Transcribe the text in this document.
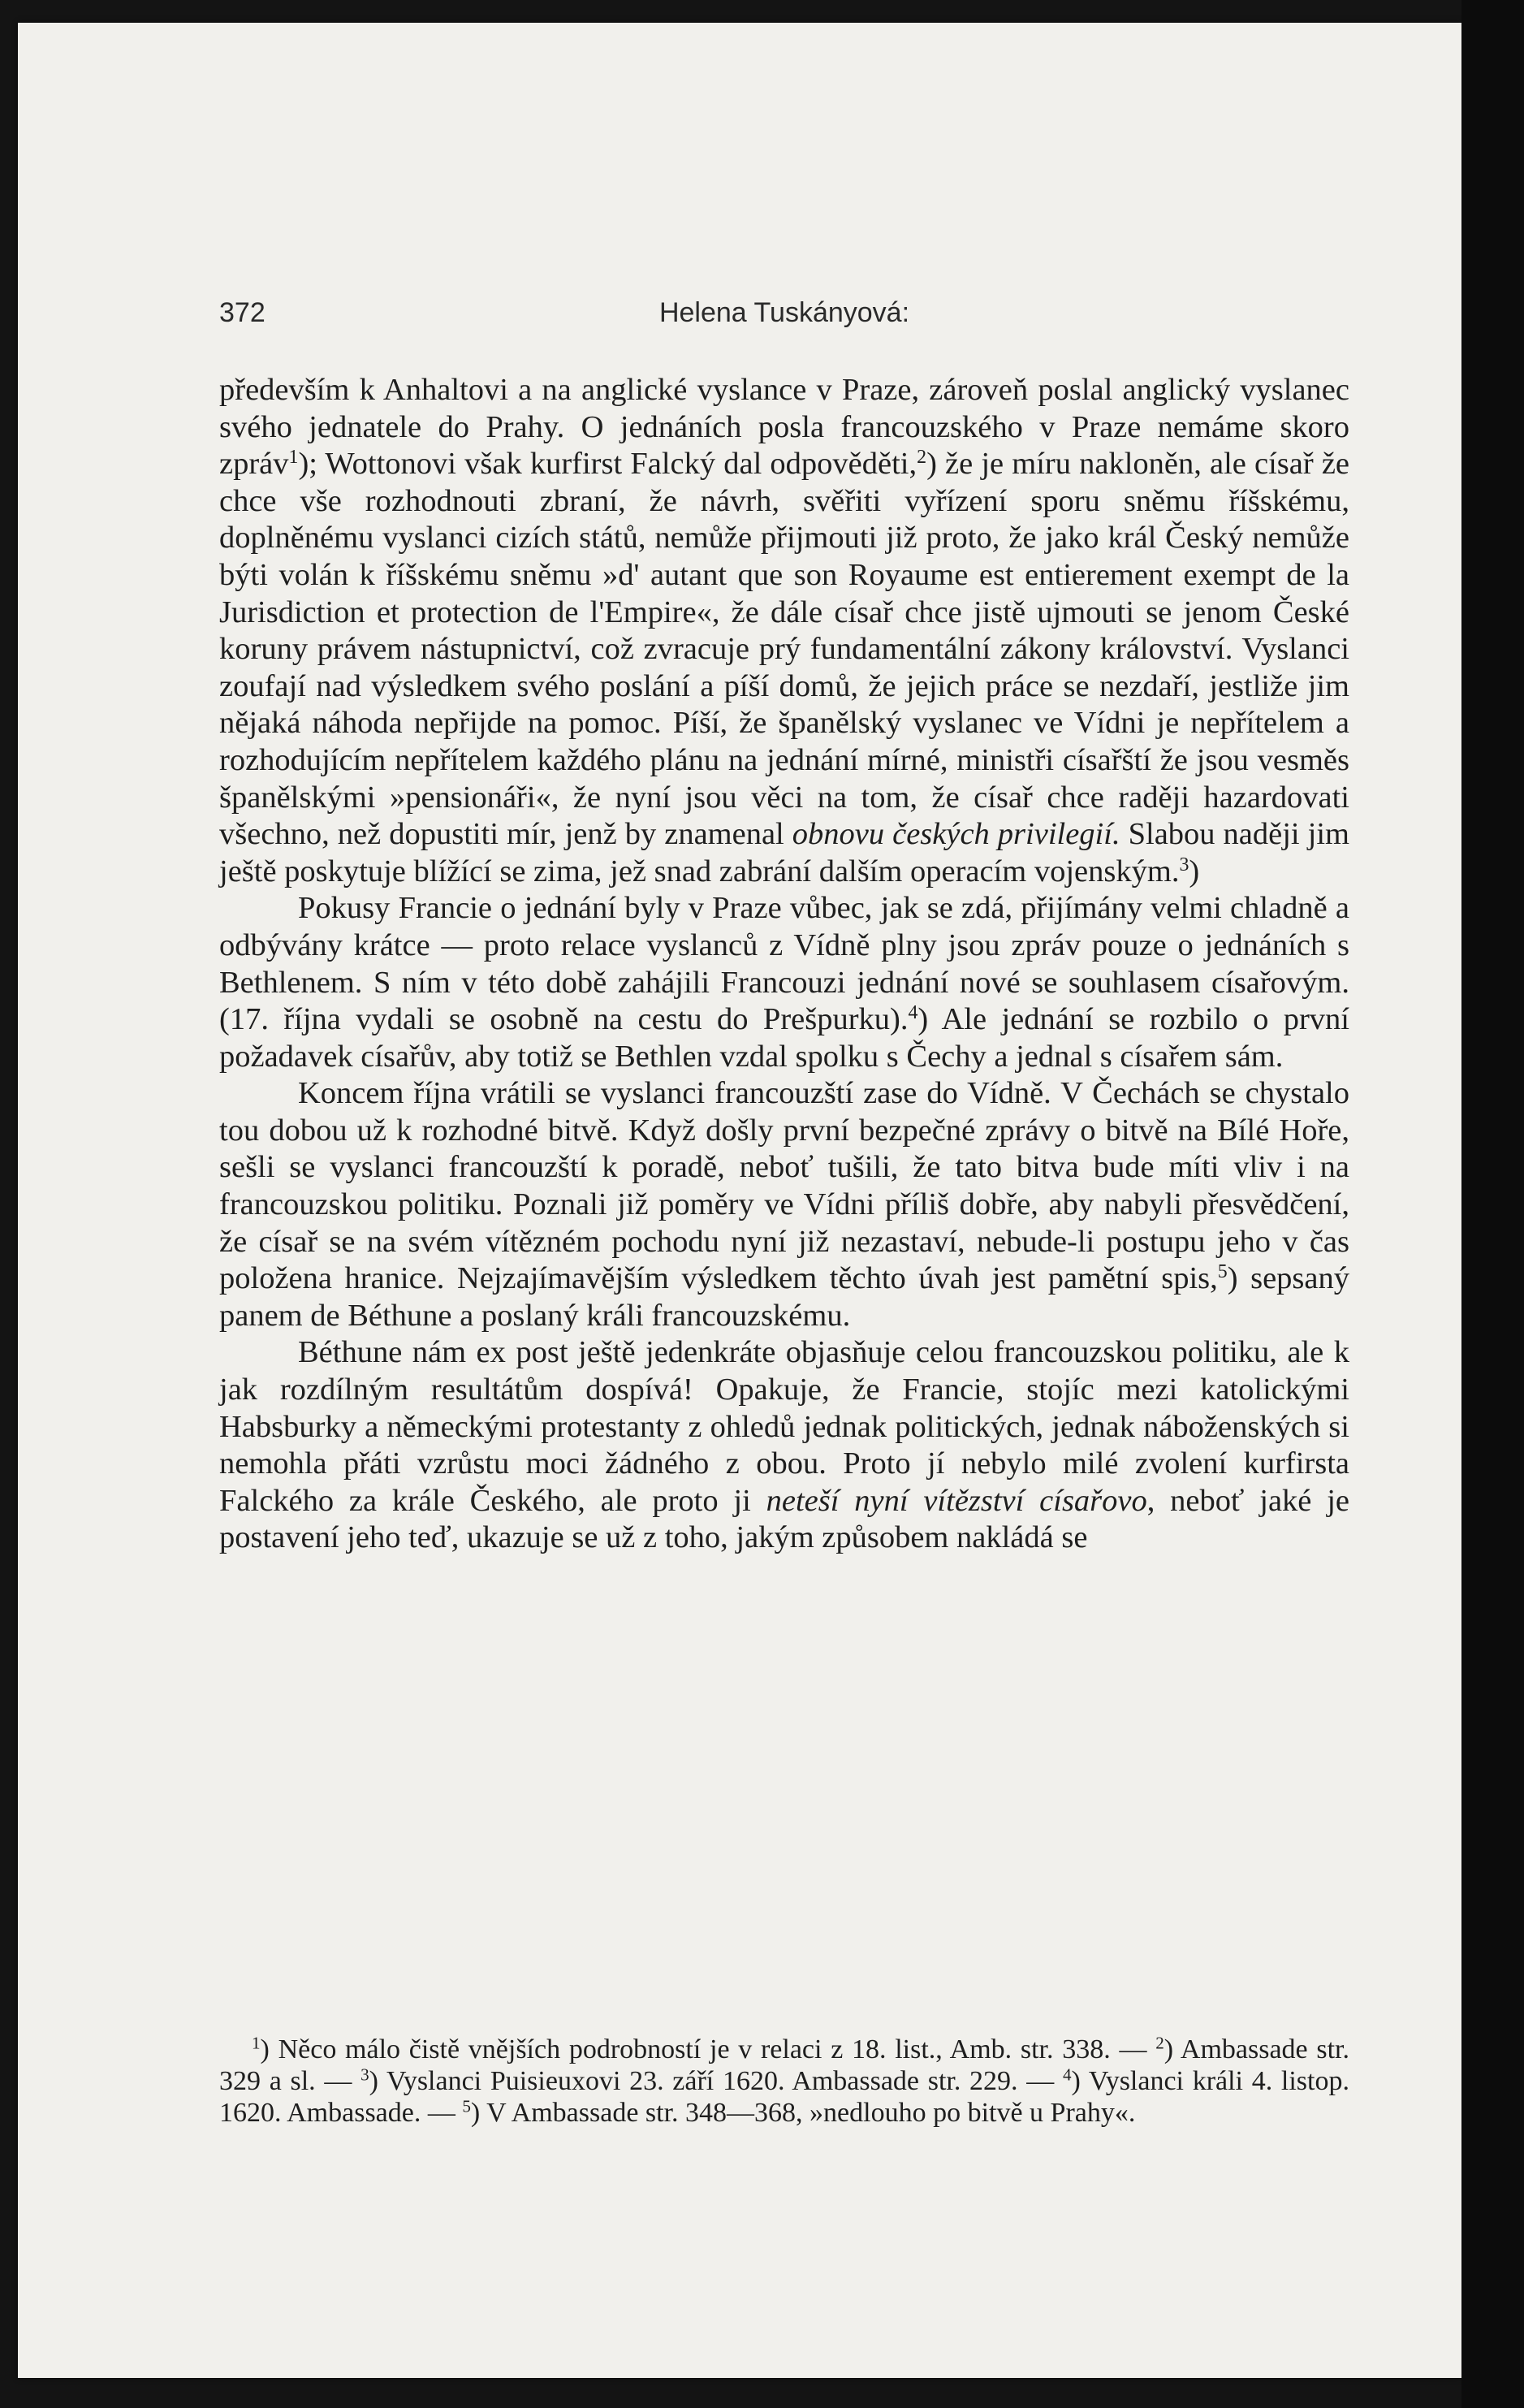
372	Helena Tuskányová:

především k Anhaltovi a na anglické vyslance v Praze, zároveň poslal anglický vyslanec svého jednatele do Prahy. O jednáních posla francouzského v Praze nemáme skoro zpráv$^1$); Wottonovi však kurfirst Falcký dal odpověděti,$^2$) že je míru nakloněn, ale císař že chce vše rozhodnouti zbraní, že návrh, svěřiti vyřízení sporu sněmu říšskému, doplněnému vyslanci cizích států, nemůže přijmouti již proto, že jako král Český nemůže býti volán k říšskému sněmu »d' autant que son Royaume est entierement exempt de la Jurisdiction et protection de l'Empire«, že dále císař chce jistě ujmouti se jenom České koruny právem nástupnictví, což zvracuje prý fundamentální zákony království. Vyslanci zoufají nad výsledkem svého poslání a píší domů, že jejich práce se nezdaří, jestliže jim nějaká náhoda nepřijde na pomoc. Píší, že španělský vyslanec ve Vídni je nepřítelem a rozhodujícím nepřítelem každého plánu na jednání mírné, ministři císařští že jsou vesměs španělskými »pensionáři«, že nyní jsou věci na tom, že císař chce raději hazardovati všechno, než dopustiti mír, jenž by znamenal obnovu českých privilegií. Slabou naději jim ještě poskytuje blížící se zima, jež snad zabrání dalším operacím vojenským.$^3$)

Pokusy Francie o jednání byly v Praze vůbec, jak se zdá, přijímány velmi chladně a odbývány krátce — proto relace vyslanců z Vídně plny jsou zpráv pouze o jednáních s Bethlenem. S ním v této době zahájili Francouzi jednání nové se souhlasem císařovým. (17. října vydali se osobně na cestu do Prešpurku).$^4$) Ale jednání se rozbilo o první požadavek císařův, aby totiž se Bethlen vzdal spolku s Čechy a jednal s císařem sám.

Koncem října vrátili se vyslanci francouzští zase do Vídně. V Čechách se chystalo tou dobou už k rozhodné bitvě. Když došly první bezpečné zprávy o bitvě na Bílé Hoře, sešli se vyslanci francouzští k poradě, neboť tušili, že tato bitva bude míti vliv i na francouzskou politiku. Poznali již poměry ve Vídni příliš dobře, aby nabyli přesvědčení, že císař se na svém vítězném pochodu nyní již nezastaví, nebude-li postupu jeho v čas položena hranice. Nejzajímavějším výsledkem těchto úvah jest pamětní spis,$^5$) sepsaný panem de Béthune a poslaný králi francouzskému.

Béthune nám ex post ještě jedenkráte objasňuje celou francouzskou politiku, ale k jak rozdílným resultátům dospívá! Opakuje, že Francie, stojíc mezi katolickými Habsburky a německými protestanty z ohledů jednak politických, jednak náboženských si nemohla přáti vzrůstu moci žádného z obou. Proto jí nebylo milé zvolení kurfirsta Falckého za krále Českého, ale proto ji neteší nyní vítězství císařovo, neboť jaké je postavení jeho teď, ukazuje se už z toho, jakým způsobem nakládá se

$^1$) Něco málo čistě vnějších podrobností je v relaci z 18. list., Amb. str. 338. — $^2$) Ambassade str. 329 a sl. — $^3$) Vyslanci Puisieuxovi 23. září 1620. Ambassade str. 229. — $^4$) Vyslanci králi 4. listop. 1620. Ambassade. — $^5$) V Ambassade str. 348—368, »nedlouho po bitvě u Prahy«.
